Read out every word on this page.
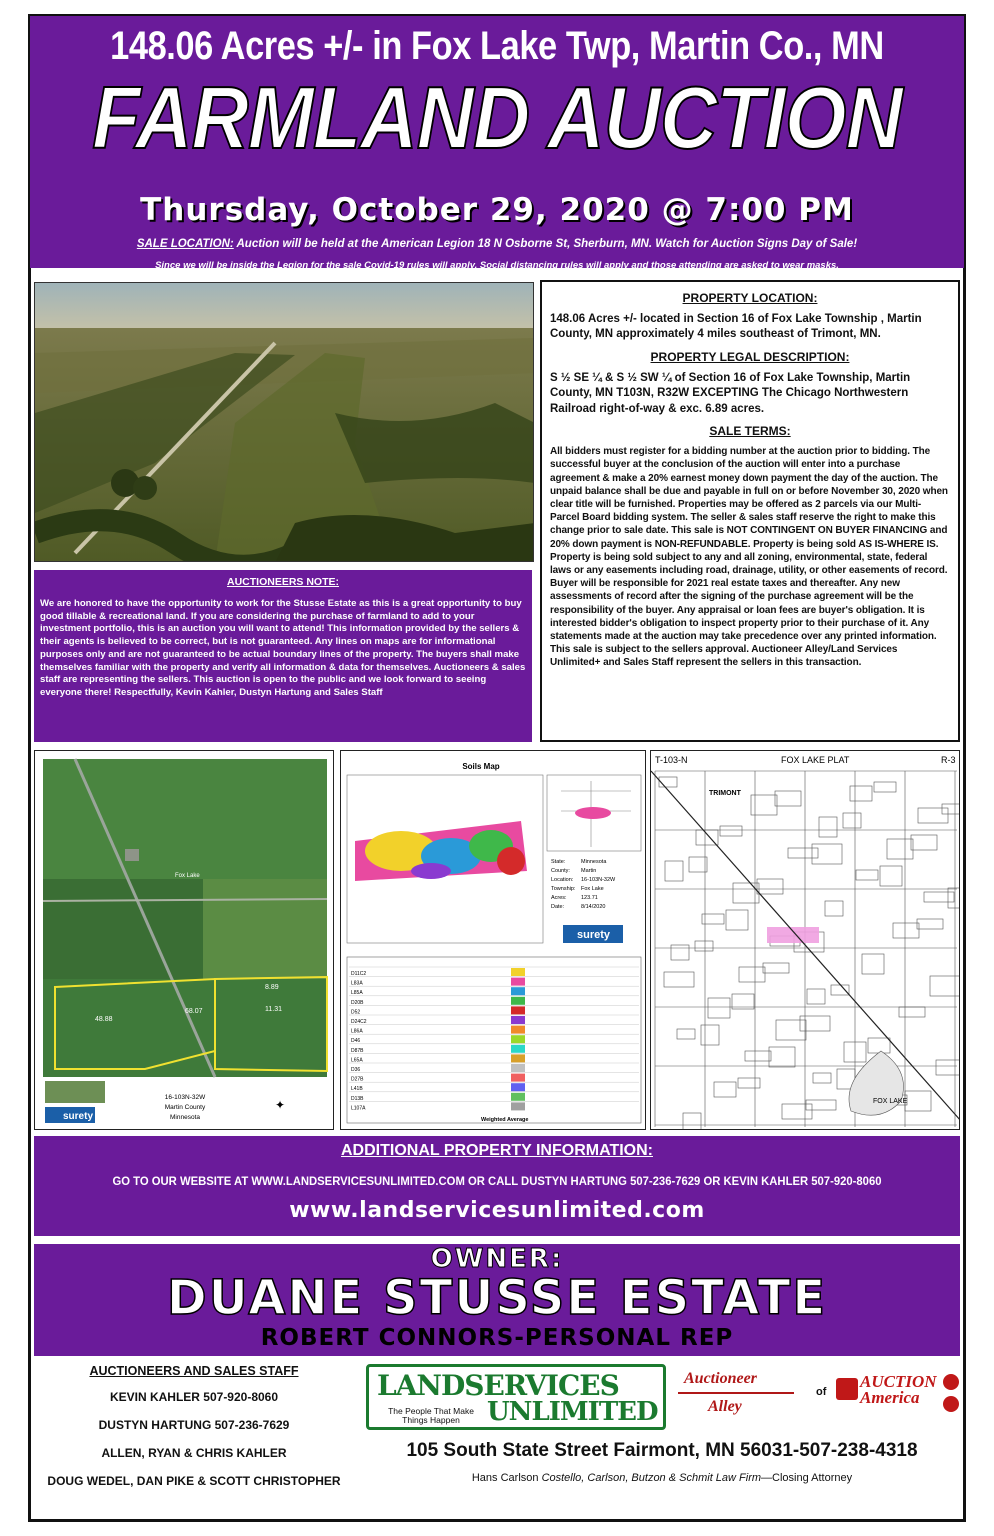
148.06 Acres +/- in Fox Lake Twp, Martin Co., MN
FARMLAND AUCTION
Thursday, October 29, 2020 @ 7:00 PM
SALE LOCATION: Auction will be held at the American Legion 18 N Osborne St, Sherburn, MN. Watch for Auction Signs Day of Sale!
Since we will be inside the Legion for the sale Covid-19 rules will apply. Social distancing rules will apply and those attending are asked to wear masks.
AUCTIONEERS NOTE:
We are honored to have the opportunity to work for the Stusse Estate as this is a great opportunity to buy good tillable & recreational land. If you are considering the purchase of farmland to add to your investment portfolio, this is an auction you will want to attend! This information provided by the sellers & their agents is believed to be correct, but is not guaranteed. Any lines on maps are for informational purposes only and are not guaranteed to be actual boundary lines of the property. The buyers shall make themselves familiar with the property and verify all information & data for themselves. Auctioneers & sales staff are representing the sellers. This auction is open to the public and we look forward to seeing everyone there! Respectfully, Kevin Kahler, Dustyn Hartung and Sales Staff
PROPERTY LOCATION:
148.06 Acres +/- located in Section 16 of Fox Lake Township , Martin County, MN approximately 4 miles southeast of Trimont, MN.
PROPERTY LEGAL DESCRIPTION:
S ½ SE ¼ & S ½ SW ¼ of Section 16 of Fox Lake Township, Martin County, MN T103N, R32W EXCEPTING The Chicago Northwestern Railroad right-of-way & exc. 6.89 acres.
SALE TERMS:
All bidders must register for a bidding number at the auction prior to bidding. The successful buyer at the conclusion of the auction will enter into a purchase agreement & make a 20% earnest money down payment the day of the auction. The unpaid balance shall be due and payable in full on or before November 30, 2020 when clear title will be furnished. Properties may be offered as 2 parcels via our Multi-Parcel Board bidding system. The seller & sales staff reserve the right to make this change prior to sale date. This sale is NOT CONTINGENT ON BUYER FINANCING and 20% down payment is NON-REFUNDABLE. Property is being sold AS IS-WHERE IS. Property is being sold subject to any and all zoning, environmental, state, federal laws or any easements including road, drainage, utility, or other easements of record. Buyer will be responsible for 2021 real estate taxes and thereafter. Any new assessments of record after the signing of the purchase agreement will be the responsibility of the buyer. Any appraisal or loan fees are buyer's obligation. It is interested bidder's obligation to inspect property prior to their purchase of it. Any statements made at the auction may take precedence over any printed information. This sale is subject to the sellers approval. Auctioneer Alley/Land Services Unlimited+ and Sales Staff represent the sellers in this transaction.
48.88
68.07	11.31
8.89
Fox Lake
16-103N-32W
Martin County
Minnesota
✦
surety
Soils Map
State:	Minnesota
County: Martin
Location: 16-103N-32W
Township: Fox Lake
Acres:	123.71
Date:	8/14/2020
surety
D11C2
L83A
L85A
D20B
D52
D24C2
L86A
D46
D87B
L65A
D36
D27B
L41B
D13B
L107A
Weighted Average
T-103-N	FOX LAKE PLAT	R-3
TRIMONT
FOX LAKE
ADDITIONAL PROPERTY INFORMATION:
GO TO OUR WEBSITE AT WWW.LANDSERVICESUNLIMITED.COM OR CALL DUSTYN HARTUNG 507-236-7629 OR KEVIN KAHLER 507-920-8060
www.landservicesunlimited.com
OWNER:
DUANE STUSSE ESTATE
ROBERT CONNORS-PERSONAL REP
AUCTIONEERS AND SALES STAFF
KEVIN KAHLER 507-920-8060
DUSTYN HARTUNG 507-236-7629
ALLEN, RYAN & CHRIS KAHLER
DOUG WEDEL, DAN PIKE & SCOTT CHRISTOPHER
LANDSERVICES
UNLIMITED
The People That Make Things Happen
Auctioneer
Alley
of
AUCTION America
105 South State Street Fairmont, MN 56031-507-238-4318
Hans Carlson Costello, Carlson, Butzon & Schmit Law Firm—Closing Attorney
